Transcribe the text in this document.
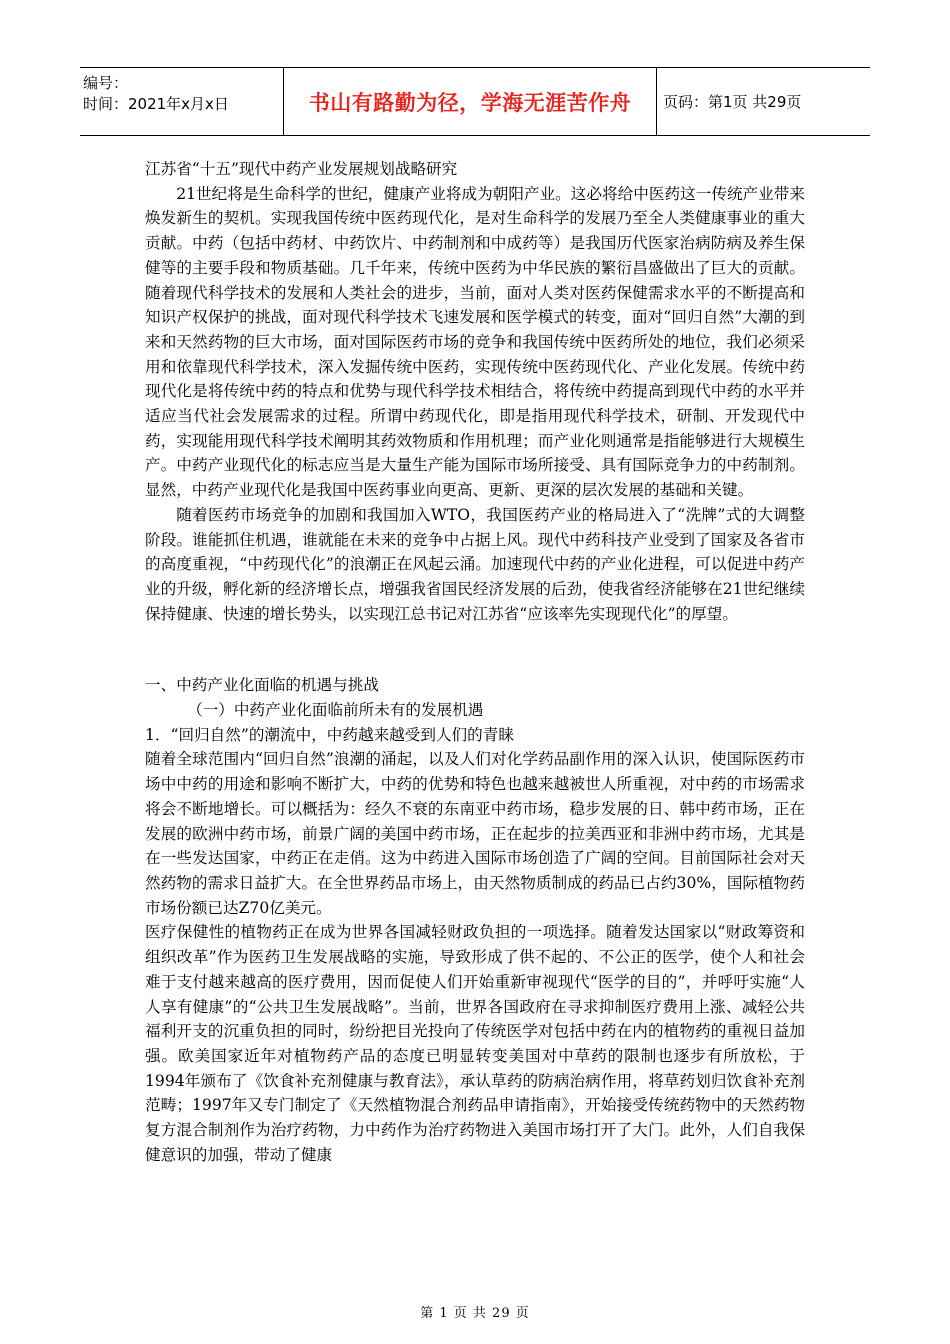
编号：
时间：2021年x月x日	书山有路勤为径，学海无涯苦作舟	页码：第1页 共29页

江苏省“十五”现代中药产业发展规划战略研究

21世纪将是生命科学的世纪，健康产业将成为朝阳产业。这必将给中医药这一传统产业带来焕发新生的契机。实现我国传统中医药现代化，是对生命科学的发展乃至全人类健康事业的重大贡献。中药（包括中药材、中药饮片、中药制剂和中成药等）是我国历代医家治病防病及养生保健等的主要手段和物质基础。几千年来，传统中医药为中华民族的繁衍昌盛做出了巨大的贡献。随着现代科学技术的发展和人类社会的进步，当前，面对人类对医药保健需求水平的不断提高和知识产权保护的挑战，面对现代科学技术飞速发展和医学模式的转变，面对“回归自然”大潮的到来和天然药物的巨大市场，面对国际医药市场的竞争和我国传统中医药所处的地位，我们必须采用和依靠现代科学技术，深入发掘传统中医药，实现传统中医药现代化、产业化发展。传统中药现代化是将传统中药的特点和优势与现代科学技术相结合，将传统中药提高到现代中药的水平并适应当代社会发展需求的过程。所谓中药现代化，即是指用现代科学技术，研制、开发现代中药，实现能用现代科学技术阐明其药效物质和作用机理；而产业化则通常是指能够进行大规模生产。中药产业现代化的标志应当是大量生产能为国际市场所接受、具有国际竞争力的中药制剂。显然，中药产业现代化是我国中医药事业向更高、更新、更深的层次发展的基础和关键。

随着医药市场竞争的加剧和我国加入WTO，我国医药产业的格局进入了“洗牌”式的大调整阶段。谁能抓住机遇，谁就能在未来的竞争中占据上风。现代中药科技产业受到了国家及各省市的高度重视，“中药现代化”的浪潮正在风起云涌。加速现代中药的产业化进程，可以促进中药产业的升级，孵化新的经济增长点，增强我省国民经济发展的后劲，使我省经济能够在21世纪继续保持健康、快速的增长势头，以实现江总书记对江苏省“应该率先实现现代化”的厚望。

一、中药产业化面临的机遇与挑战

（一）中药产业化面临前所未有的发展机遇

1．“回归自然”的潮流中，中药越来越受到人们的青睐

随着全球范围内“回归自然”浪潮的涌起，以及人们对化学药品副作用的深入认识，使国际医药市场中中药的用途和影响不断扩大，中药的优势和特色也越来越被世人所重视，对中药的市场需求将会不断地增长。可以概括为：经久不衰的东南亚中药市场，稳步发展的日、韩中药市场，正在发展的欧洲中药市场，前景广阔的美国中药市场，正在起步的拉美西亚和非洲中药市场，尤其是在一些发达国家，中药正在走俏。这为中药进入国际市场创造了广阔的空间。目前国际社会对天然药物的需求日益扩大。在全世界药品市场上，由天然物质制成的药品已占约30%，国际植物药市场份额已达Z70亿美元。

医疗保健性的植物药正在成为世界各国减轻财政负担的一项选择。随着发达国家以“财政筹资和组织改革”作为医药卫生发展战略的实施，导致形成了供不起的、不公正的医学，使个人和社会难于支付越来越高的医疗费用，因而促使人们开始重新审视现代“医学的目的”，并呼吁实施“人人享有健康”的“公共卫生发展战略”。当前，世界各国政府在寻求抑制医疗费用上涨、减轻公共福利开支的沉重负担的同时，纷纷把目光投向了传统医学对包括中药在内的植物药的重视日益加强。欧美国家近年对植物药产品的态度已明显转变美国对中草药的限制也逐步有所放松，于1994年颁布了《饮食补充剂健康与教育法》，承认草药的防病治病作用，将草药划归饮食补充剂范畴；1997年又专门制定了《天然植物混合剂药品申请指南》，开始接受传统药物中的天然药物复方混合制剂作为治疗药物，力中药作为治疗药物进入美国市场打开了大门。此外，人们自我保健意识的加强，带动了健康

第 1 页 共 29 页
